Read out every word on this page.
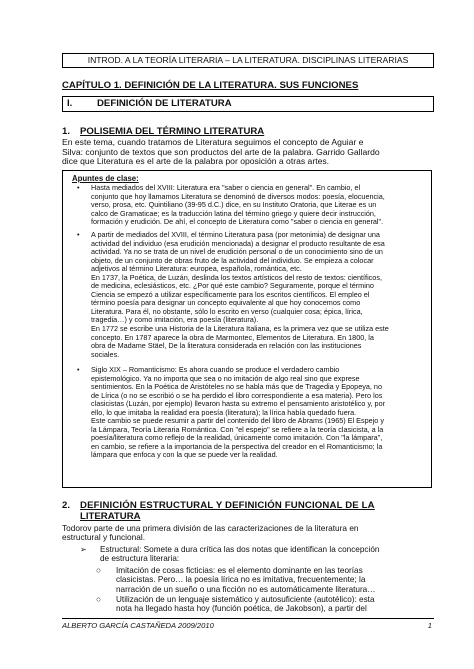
INTROD. A LA TEORÍA LITERARIA – LA LITERATURA. DISCIPLINAS LITERARIAS
CAPÍTULO 1. DEFINICIÓN DE LA LITERATURA. SUS FUNCIONES
I.	DEFINICIÓN DE LITERATURA
1. POLISEMIA DEL TÉRMINO LITERATURA
En este tema, cuando tratamos de Literatura seguimos el concepto de Aguiar e
Silva: conjunto de textos que son productos del arte de la palabra. Garrido Gallardo
dice que Literatura es el arte de la palabra por oposición a otras artes.
Apuntes de clase:
• Hasta mediados del XVIII: Literatura era "saber o ciencia en general". En cambio, el
conjunto que hoy llamamos Literatura se denominó de diversos modos: poesía, elocuencia,
verso, prosa, etc. Quintiliano (39-95 d.C.) dice, en su Instituto Oratoria, que Literae es un
calco de Gramaticae; es la traducción latina del término griego y quiere decir instrucción,
formación y erudición. De ahí, el concepto de Literatura como "saber o ciencia en general".
• A partir de mediados del XVIII, el término Literatura pasa (por metonimia) de designar una
actividad del individuo (esa erudición mencionada) a designar el producto resultante de esa
actividad. Ya no se trata de un nivel de erudición personal o de un conocimiento sino de un
objeto, de un conjunto de obras fruto de la actividad del individuo. Se empieza a colocar
adjetivos al término Literatura: europea, española, romántica, etc.
En 1737, la Poética, de Luzán, deslinda los textos artísticos del resto de textos: científicos,
de medicina, eclesiásticos, etc. ¿Por qué este cambio? Seguramente, porque el término
Ciencia se empezó a utilizar específicamente para los escritos científicos. El empleo el
término poesía para designar un concepto equivalente al que hoy conocemos como
Literatura. Para él, no obstante, sólo lo escrito en verso (cualquier cosa; épica, lírica,
tragedia…) y como imitación, era poesía (literatura).
En 1772 se escribe una Historia de la Literatura Italiana, es la primera vez que se utiliza este
concepto. En 1787 aparece la obra de Marmontec, Elementos de Literatura. En 1800, la
obra de Madame Stäel, De la literatura considerada en relación con las instituciones
sociales.
• Siglo XIX – Romanticismo: Es ahora cuando se produce el verdadero cambio
epistemológico. Ya no importa que sea o no imitación de algo real sino que exprese
sentimientos. En la Poética de Aristóteles no se habla más que de Tragedia y Epopeya, no
de Lírica (o no se escribió o se ha perdido el libro correspondiente a esa materia). Pero los
clasicistas (Luzán, por ejemplo) llevaron hasta su extremo el pensamiento aristotélico y, por
ello, lo que imitaba la realidad era poesía (literatura); la lírica había quedado fuera.
Este cambio se puede resumir a partir del contenido del libro de Abrams (1965) El Espejo y
la Lámpara, Teoría Literaria Romántica. Con "el espejo" se refiere a la teoría clasicista, a la
poesía/literatura como reflejo de la realidad, únicamente como imitación. Con "la lámpara",
en cambio, se refiere a la importancia de la perspectiva del creador en el Romanticismo; la
lámpara que enfoca y con la que se puede ver la realidad.
2. DEFINICIÓN ESTRUCTURAL Y DEFINICIÓN FUNCIONAL DE LA
LITERATURA
Todorov parte de una primera división de las caracterizaciones de la literatura en
estructural y funcional.
➢ Estructural: Somete a dura crítica las dos notas que identifican la concepción
de estructura literaria:
○ Imitación de cosas ficticias: es el elemento dominante en las teorías
clasicistas. Pero… la poesía lírica no es imitativa, frecuentemente; la
narración de un sueño o una ficción no es automáticamente literatura…
○ Utilización de un lenguaje sistemático y autosuficiente (autotélico): esta
nota ha llegado hasta hoy (función poética, de Jakobson), a partir del
ALBERTO GARCÍA CASTAÑEDA 2009/2010	1
